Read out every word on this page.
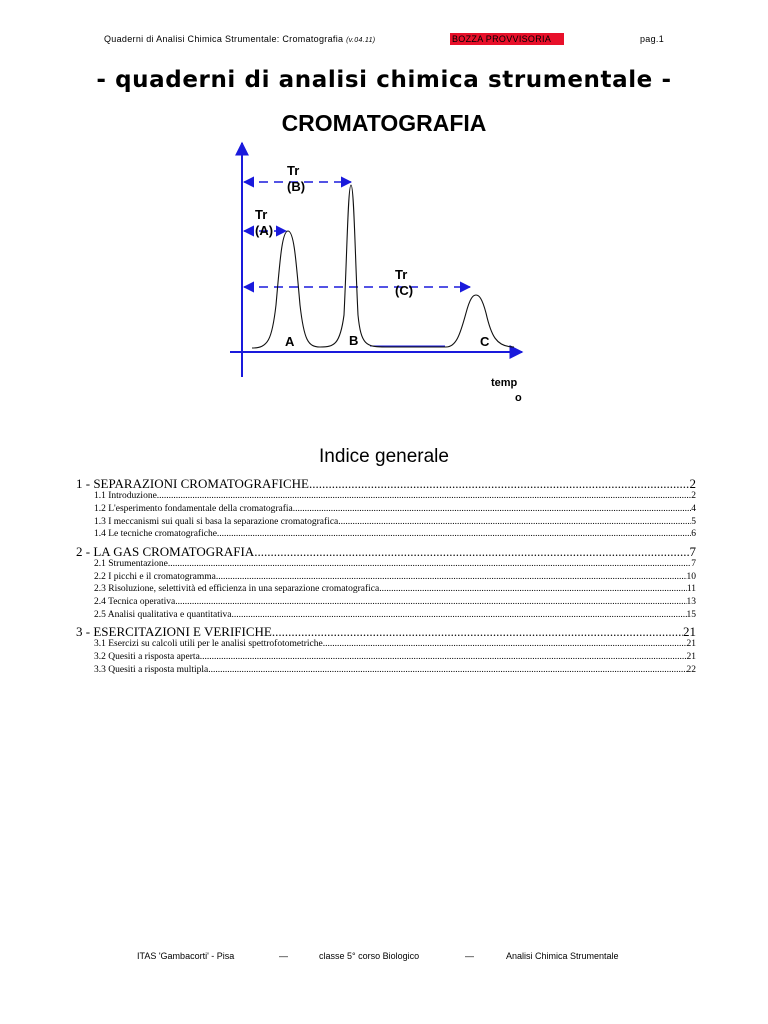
Quaderni di Analisi Chimica Strumentale: Cromatografia (v.04.11)	BOZZA PROVVISORIA	pag.1
- quaderni di analisi chimica strumentale -
CROMATOGRAFIA
Tr
(B)
Tr
(A)
Tr
(C)
A	B	C
temp
o
Indice generale
1 - SEPARAZIONI CROMATOGRAFICHE .....	2
1.1 Introduzione .....	2
1.2 L'esperimento fondamentale della cromatografia .....	4
1.3 I meccanismi sui quali si basa la separazione cromatografica .....	5
1.4 Le tecniche cromatografiche .....	6
2 - LA GAS CROMATOGRAFIA .....	7
2.1 Strumentazione .....	7
2.2 I picchi e il cromatogramma .....	10
2.3 Risoluzione, selettività ed efficienza in una separazione cromatografica .....	11
2.4 Tecnica operativa .....	13
2.5 Analisi qualitativa e quantitativa .....	15
3 - ESERCITAZIONI E VERIFICHE .....	21
3.1 Esercizi su calcoli utili per le analisi spettrofotometriche .....	21
3.2 Quesiti a risposta aperta .....	21
3.3 Quesiti a risposta multipla .....	22
ITAS 'Gambacorti' - Pisa	—	classe 5° corso Biologico	—	Analisi Chimica Strumentale
